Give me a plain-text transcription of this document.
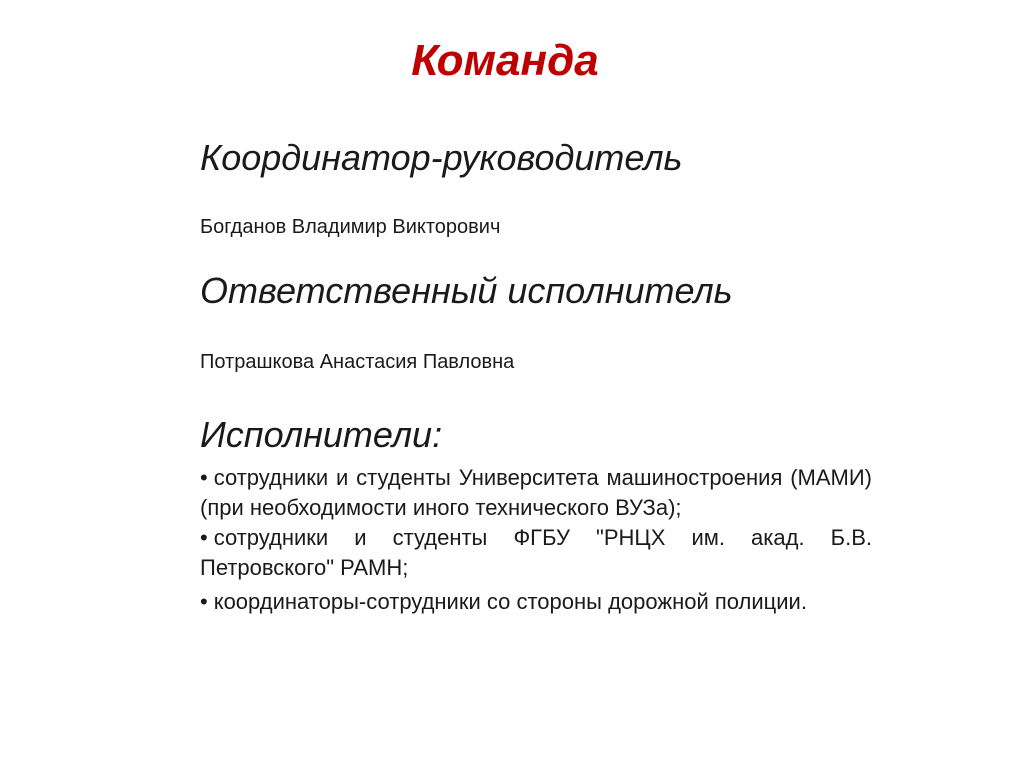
Команда

Координатор-руководитель

Богданов Владимир Викторович

Ответственный исполнитель

Потрашкова Анастасия Павловна

Исполнители:

• сотрудники и студенты Университета машиностроения (МАМИ) (при необходимости иного технического ВУЗа);
• сотрудники и студенты ФГБУ "РНЦХ им. акад. Б.В. Петровского" РАМН;
• координаторы-сотрудники со стороны дорожной полиции.
